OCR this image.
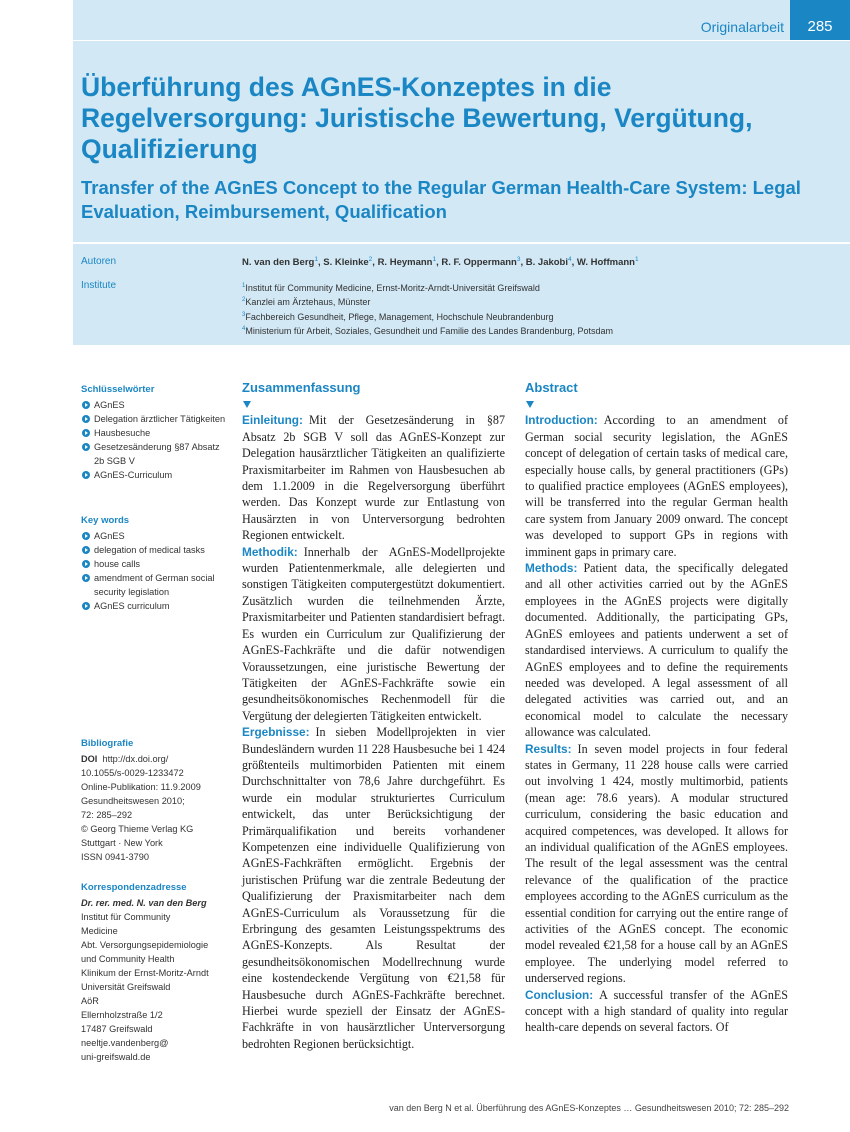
Originalarbeit	285
Überführung des AGnES-Konzeptes in die Regelversorgung: Juristische Bewertung, Vergütung, Qualifizierung
Transfer of the AGnES Concept to the Regular German Health-Care System: Legal Evaluation, Reimbursement, Qualification
Autoren
Institute
N. van den Berg$^1$, S. Kleinke$^2$, R. Heymann$^1$, R. F. Oppermann$^3$, B. Jakobi$^4$, W. Hoffmann$^1$
$^1$Institut für Community Medicine, Ernst-Moritz-Arndt-Universität Greifswald
$^2$Kanzlei am Ärztehaus, Münster
$^3$Fachbereich Gesundheit, Pflege, Management, Hochschule Neubrandenburg
$^4$Ministerium für Arbeit, Soziales, Gesundheit und Familie des Landes Brandenburg, Potsdam
Schlüsselwörter
AGnES
Delegation ärztlicher Tätigkeiten
Hausbesuche
Gesetzesänderung §87 Absatz 2b SGB V
AGnES-Curriculum
Key words
AGnES
delegation of medical tasks
house calls
amendment of German social security legislation
AGnES curriculum
Bibliografie
DOI http://dx.doi.org/
10.1055/s-0029-1233472
Online-Publikation: 11.9.2009
Gesundheitswesen 2010;
72: 285–292
© Georg Thieme Verlag KG
Stuttgart · New York
ISSN 0941-3790
Korrespondenzadresse
Dr. rer. med. N. van den Berg
Institut für Community
Medicine
Abt. Versorgungsepidemiologie
und Community Health
Klinikum der Ernst-Moritz-Arndt
Universität Greifswald
AöR
Ellernholzstraße 1/2
17487 Greifswald
neeltje.vandenberg@
uni-greifswald.de
Zusammenfassung

Einleitung: Mit der Gesetzesänderung in §87 Absatz 2b SGB V soll das AGnES-Konzept zur Delegation hausärztlicher Tätigkeiten an qualifizierte Praxismitarbeiter im Rahmen von Hausbesuchen ab dem 1.1.2009 in die Regelversorgung überführt werden. Das Konzept wurde zur Entlastung von Hausärzten in von Unterversorgung bedrohten Regionen entwickelt.

Methodik: Innerhalb der AGnES-Modellprojekte wurden Patientenmerkmale, alle delegierten und sonstigen Tätigkeiten computergestützt dokumentiert. Zusätzlich wurden die teilnehmenden Ärzte, Praxismitarbeiter und Patienten standardisiert befragt. Es wurden ein Curriculum zur Qualifizierung der AGnES-Fachkräfte und die dafür notwendigen Voraussetzungen, eine juristische Bewertung der Tätigkeiten der AGnES-Fachkräfte sowie ein gesundheitsökonomisches Rechenmodell für die Vergütung der delegierten Tätigkeiten entwickelt.

Ergebnisse: In sieben Modellprojekten in vier Bundesländern wurden 11 228 Hausbesuche bei 1 424 größtenteils multimorbiden Patienten mit einem Durchschnittalter von 78,6 Jahre durchgeführt. Es wurde ein modular strukturiertes Curriculum entwickelt, das unter Berücksichtigung der Primärqualifikation und bereits vorhandener Kompetenzen eine individuelle Qualifizierung von AGnES-Fachkräften ermöglicht. Ergebnis der juristischen Prüfung war die zentrale Bedeutung der Qualifizierung der Praxismitarbeiter nach dem AGnES-Curriculum als Voraussetzung für die Erbringung des gesamten Leistungsspektrums des AGnES-Konzepts. Als Resultat der gesundheitsökonomischen Modellrechnung wurde eine kostendeckende Vergütung von €21,58 für Hausbesuche durch AGnES-Fachkräfte berechnet. Hierbei wurde speziell der Einsatz der AGnES-Fachkräfte in von hausärztlicher Unterversorgung bedrohten Regionen berücksichtigt.

Abstract

Introduction: According to an amendment of German social security legislation, the AGnES concept of delegation of certain tasks of medical care, especially house calls, by general practitioners (GPs) to qualified practice employees (AGnES employees), will be transferred into the regular German health care system from January 2009 onward. The concept was developed to support GPs in regions with imminent gaps in primary care.

Methods: Patient data, the specifically delegated and all other activities carried out by the AGnES employees in the AGnES projects were digitally documented. Additionally, the participating GPs, AGnES emloyees and patients underwent a set of standardised interviews. A curriculum to qualify the AGnES employees and to define the requirements needed was developed. A legal assessment of all delegated activities was carried out, and an economical model to calculate the necessary allowance was calculated.

Results: In seven model projects in four federal states in Germany, 11 228 house calls were carried out involving 1 424, mostly multimorbid, patients (mean age: 78.6 years). A modular structured curriculum, considering the basic education and acquired competences, was developed. It allows for an individual qualification of the AGnES employees. The result of the legal assessment was the central relevance of the qualification of the practice employees according to the AGnES curriculum as the essential condition for carrying out the entire range of activities of the AGnES concept. The economic model revealed €21,58 for a house call by an AGnES employee. The underlying model referred to underserved regions.

Conclusion: A successful transfer of the AGnES concept with a high standard of quality into regular health-care depends on several factors. Of

van den Berg N et al. Überführung des AGnES-Konzeptes … Gesundheitswesen 2010; 72: 285–292
